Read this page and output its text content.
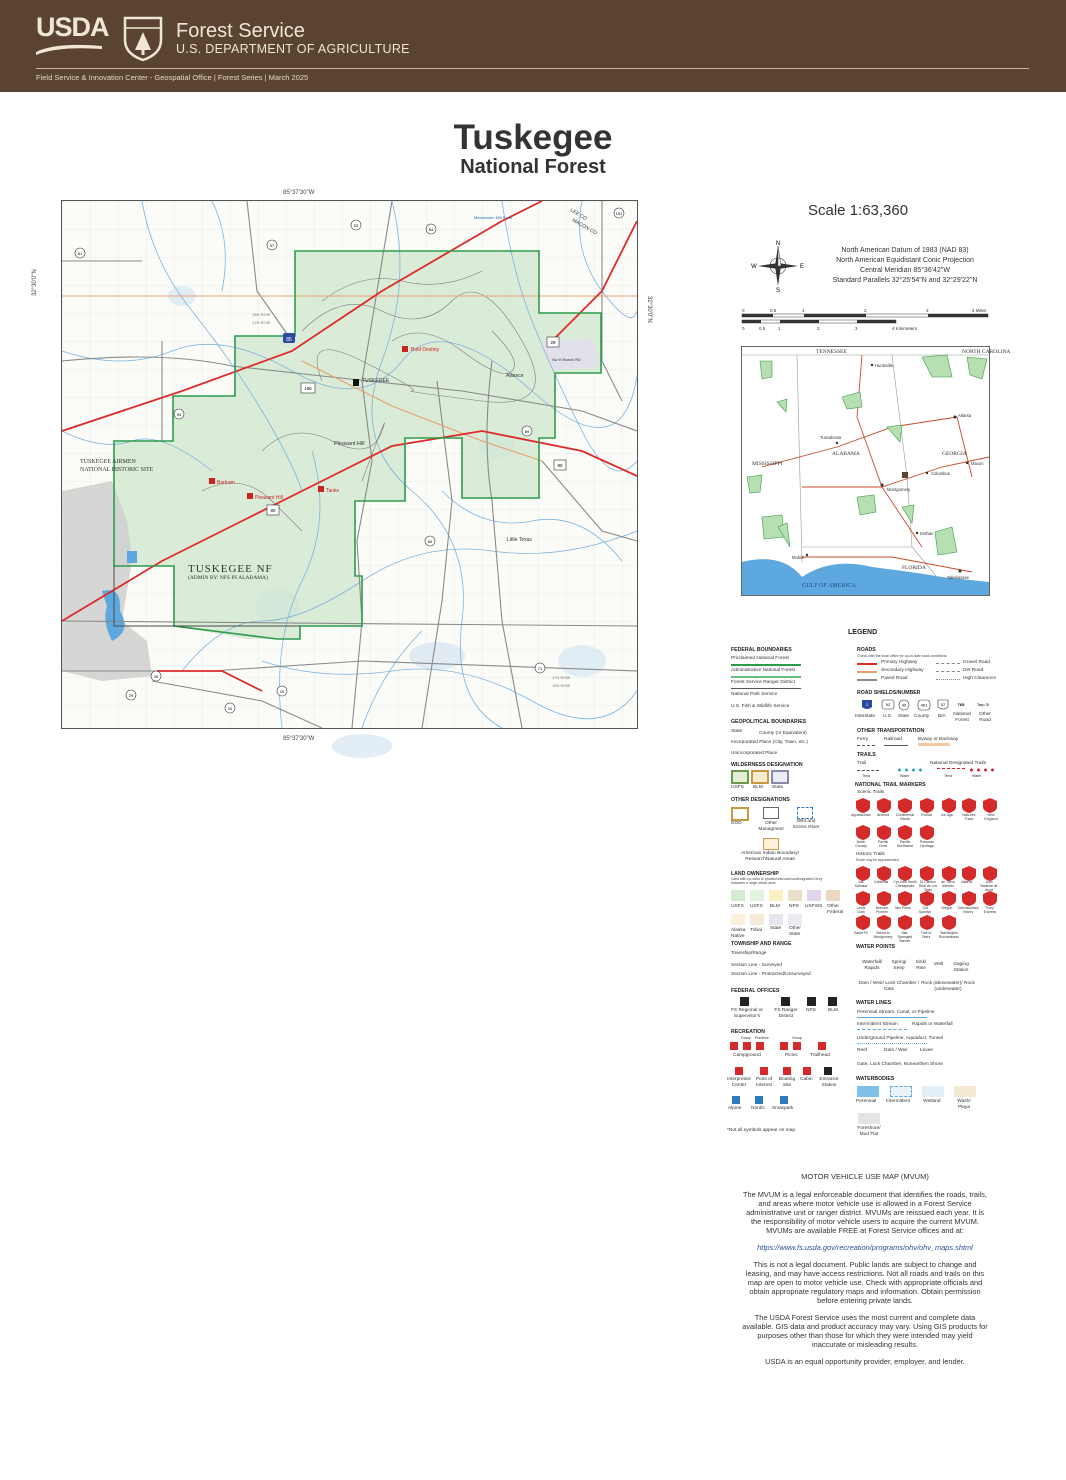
USDA	Forest Service
U.S. DEPARTMENT OF AGRICULTURE
Field Service & Innovation Center - Geospatial Office | Forest Series | March 2025
Tuskegee
National Forest
85°37'30"W
85°37'30"W
32°30'0"N
32°30'0"N
85	29
80
80
186
81
57
53
54
191
89
26
29
10
15
71
69
53
Bold Destiny
Bartram
Pleasant Hill
Tanks
TUSKEGEE
Pleasant Hill
Alliance
Little Texas
TUSKEGEE NF
(ADMIN BY: NFS IN ALABAMA)
TUSKEGEE AIRMEN
NATIONAL HISTORIC SITE
LEE CO
MACON CO
Meadowlen Mill Pond
Sw H Ranch Rd
18N R24E
17N R24E
17N R25E
16N R25E
Scale 1:63,360
N
S
E
W
North American Datum of 1983 (NAD 83)
North American Equidistant Conic Projection
Central Meridian 85°36'42"W
Standard Parallels 32°25'54"N and 32°29'22"N
0	0.5	1	2	3	4 Miles
0	0.5	1	2	3	4 Kilometers
TENNESSEE	NORTH CAROLINA
MISSISSIPPI
ALABAMA	GEORGIA
FLORIDA
GULF OF AMERICA
Huntsville
Atlanta
Tuscaloosa
Macon
Columbus
Montgomery
Dothan
Mobile
Tallahassee
LEGEND
FEDERAL BOUNDARIES
Proclaimed National Forest
Administrative National Forest
Forest Service Ranger District
National Park Service
U.S. Fish & Wildlife Service
GEOPOLITICAL BOUNDARIES
State	County (or Equivalent)
Incorporated Place (City, Town, etc.)
Unincorporated Place
WILDERNESS DESIGNATION
USFS BLM State
OTHER DESIGNATIONS
DOD	Other Managment
Wild and Scenic River
American Indian Boundary/ ResearchNatural Areas
LAND OWNERSHIP
Land with no color is private/unknown/undesignated Grey indicates a large urban area
USFS USFS BLM NPS USFWS Other Federal
Alaska Native
Tribal State Other State
TOWNSHIP AND RANGE
Township/Range
Section Line - Surveyed
Section Line - Protracted/Unsurveyed
FEDERAL OFFICES
FS Regional or Supervisor's
FS Ranger District
NPS	BLM
RECREATION
Group Primitive	Group
Campground	Picnic	Trailhead
Interpretive Center
Point of Interest
Boating Site
Cabin	Entrance Station
Alpine Nordic Snowpark
*Not all symbols appear on map.
ROADS
Check with the local office for up-to-date road conditions.
Primary Highway
Secondary Highway
Paved Road
Gravel Road
Dirt Road
High Clearence
ROAD SHIELDS/NUMBER
1	92	40	461	57	765	Tarp 3!
Interstate U.S. State County BIA	National Forest
Other Road
OTHER TRANSPORTATION
Ferry	Railroad	Byway or Backway
TRAILS
Trail	National Designated Trails
Terra	Water	Terra	Water
NATIONAL TRAIL MARKERS
Scenic Trails
Appalachian Arizona Continental Divide
Florida	Ice Age	Natchez Trace
New England
North County
Pacific Crest
Pacific Northwest
Potomac Heritage
Historic Trails
Route may be approximated
Ala Kahakai
California Cpt John Smith Chesapeake
El Camino Real de Los Tejas
de Tierra Adentro
Iditarod	Juan Bautista de Anza
Lewis Clark
Mormon Pioneer
Nez Perce	Old Spanish
Oregon Overmountain Victory
Pony Express
Santa Fe	Selma to Montgomery
Star-Spangled Banner
Trail of Tears
Washington Rochambeau
WATER POINTS
Waterfall/ Rapids
Spring/ Seep
Sink/ Rise
Well	Gaging Station
Dam / Weir/ Lock Chamber / Gate
Rock (abovewater)/ Rock (underwater)
WATER LINES
Perennial Stream, Canal, or Pipeline
Intermittent Stream	Rapids or Waterfall
Underground Pipeline, Aquaduct, Tunnel
Reef	Dam / Weir	Levee
Gate, Lock Chamber, Nonearthen Shore
WATERBODIES
Perennial Intermittent	Wetland	Wash/ Playa
Foreshore/ Mud Flat
MOTOR VEHICLE USE MAP (MVUM)

The MVUM is a legal enforceable document that identifies the roads, trails, and areas where motor vehicle use is allowed in a Forest Service administrative unit or ranger district. MVUMs are reissued each year. It is the responsibility of motor vehicle users to acquire the current MVUM. MVUMs are available FREE at Forest Service offices and at:

https://www.fs.usda.gov/recreation/programs/ohv/ohv_maps.shtml

This is not a legal document. Public lands are subject to change and leasing, and may have access restrictions. Not all roads and trails on this map are open to motor vehicle use. Check with appropriate officials and obtain appropriate regulatory maps and information. Obtain permission before entering private lands.

The USDA Forest Service uses the most current and complete data available. GIS data and product accuracy may vary. Using GIS products for purposes other than those for which they were intended may yield inaccurate or misleading results.

USDA is an equal opportunity provider, employer, and lender.
